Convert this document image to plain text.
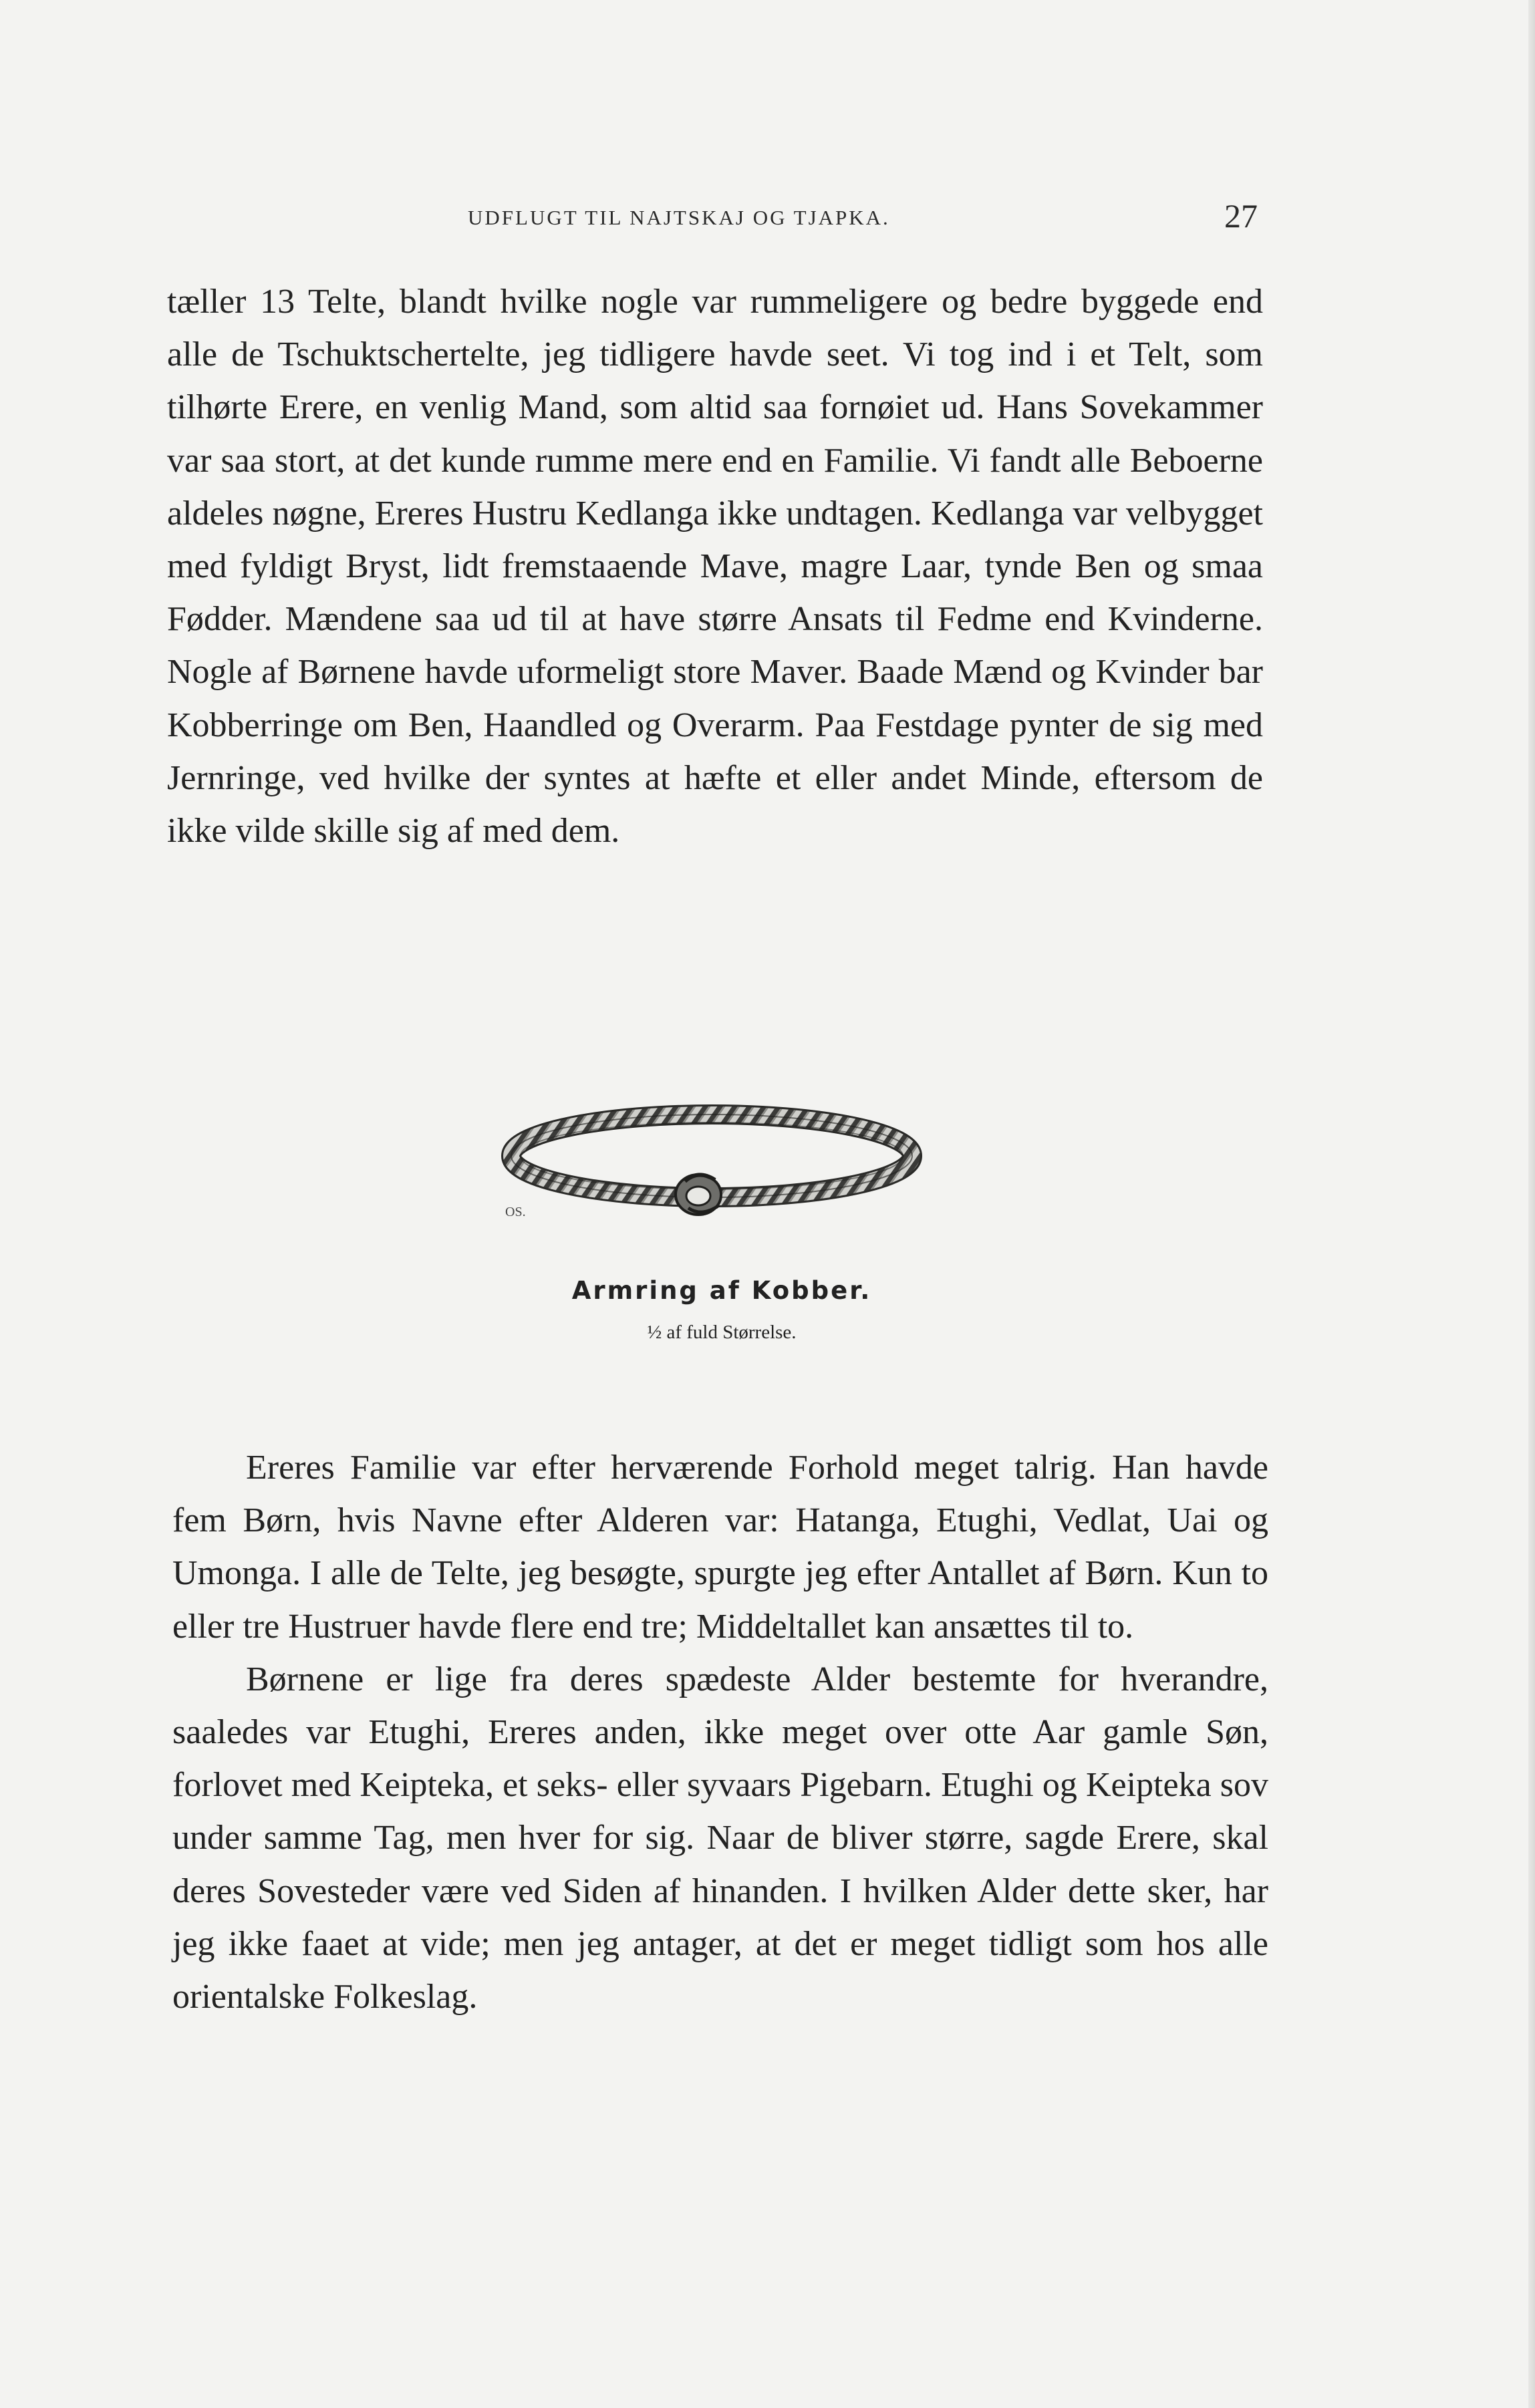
UDFLUGT TIL NAJTSKAJ OG TJAPKA.	27

tæller 13 Telte, blandt hvilke nogle var rummeligere og bedre byggede end alle de Tschuktschertelte, jeg tidligere havde seet. Vi tog ind i et Telt, som tilhørte Erere, en venlig Mand, som altid saa fornøiet ud. Hans Sovekammer var saa stort, at det kunde rumme mere end en Familie. Vi fandt alle Beboerne aldeles nøgne, Ereres Hustru Kedlanga ikke undtagen. Kedlanga var velbygget med fyldigt Bryst, lidt fremstaaende Mave, magre Laar, tynde Ben og smaa Fødder. Mændene saa ud til at have større Ansats til Fedme end Kvinderne. Nogle af Børnene havde uformeligt store Maver. Baade Mænd og Kvinder bar Kobberringe om Ben, Haandled og Overarm. Paa Festdage pynter de sig med Jernringe, ved hvilke der syntes at hæfte et eller andet Minde, eftersom de ikke vilde skille sig af med dem.

OS.
Armring af Kobber.
½ af fuld Størrelse.

Ereres Familie var efter herværende Forhold meget talrig. Han havde fem Børn, hvis Navne efter Alderen var: Hatanga, Etughi, Vedlat, Uai og Umonga. I alle de Telte, jeg besøgte, spurgte jeg efter Antallet af Børn. Kun to eller tre Hustruer havde flere end tre; Middeltallet kan ansættes til to.

Børnene er lige fra deres spædeste Alder bestemte for hverandre, saaledes var Etughi, Ereres anden, ikke meget over otte Aar gamle Søn, forlovet med Keipteka, et seks- eller syvaars Pigebarn. Etughi og Keipteka sov under samme Tag, men hver for sig. Naar de bliver større, sagde Erere, skal deres Sovesteder være ved Siden af hinanden. I hvilken Alder dette sker, har jeg ikke faaet at vide; men jeg antager, at det er meget tidligt som hos alle orientalske Folkeslag.
